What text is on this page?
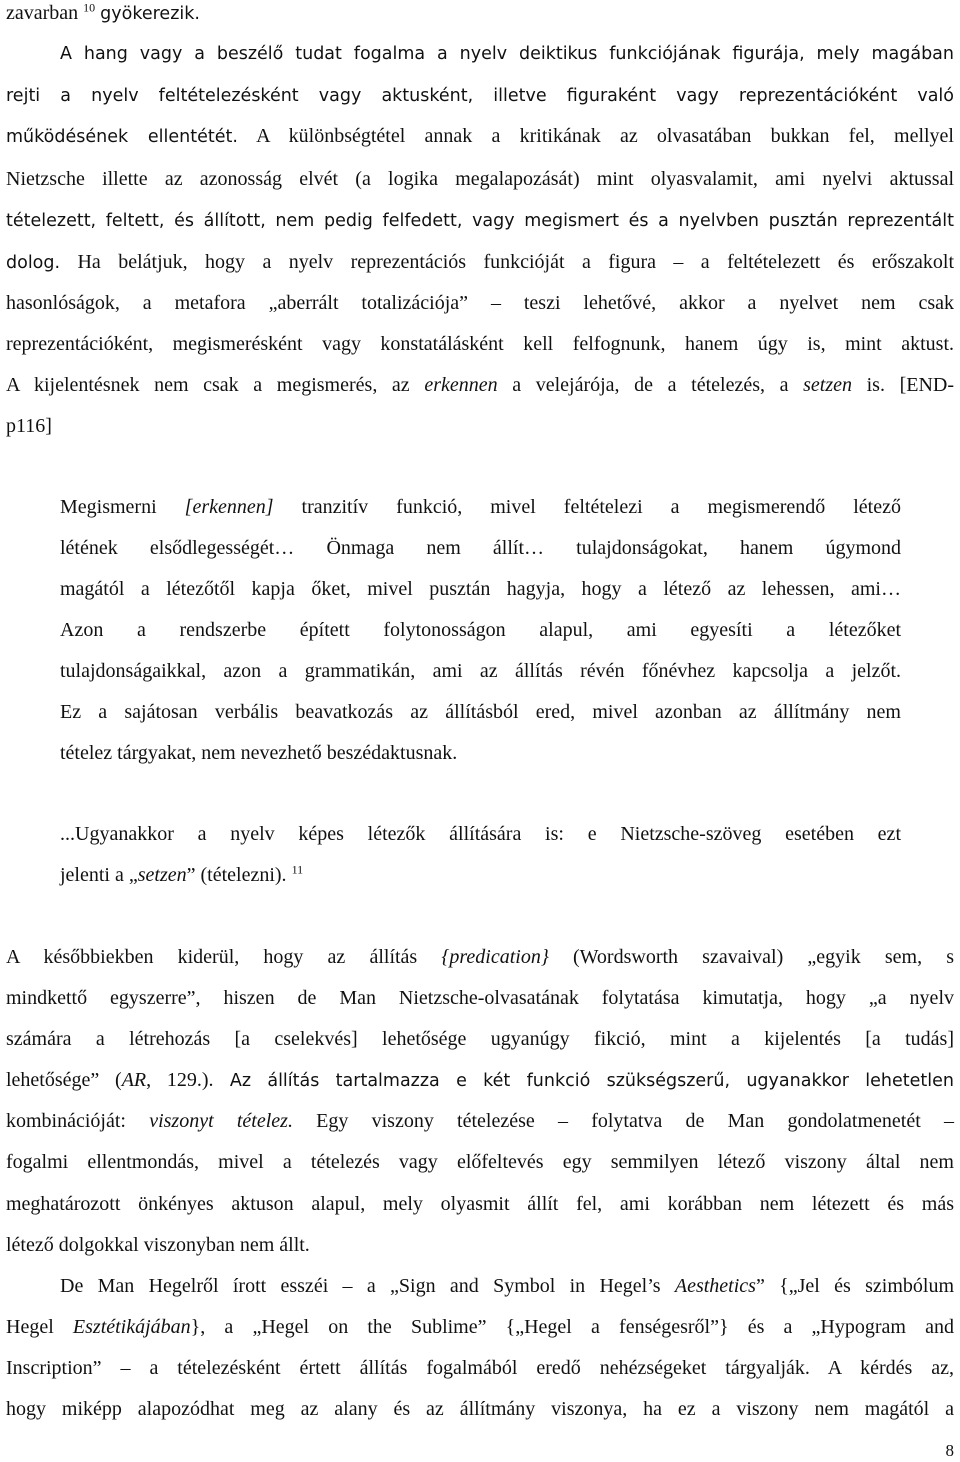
zavarban $^{10}$ gyökerezik.
A hang vagy a beszélő tudat fogalma a nyelv deiktikus funkciójának figurája, mely magában
rejti a nyelv feltételezésként vagy aktusként, illetve figuraként vagy reprezentációként való
működésének ellentétét. A különbségtétel annak a kritikának az olvasatában bukkan fel, mellyel
Nietzsche illette az azonosság elvét (a logika megalapozását) mint olyasvalamit, ami nyelvi aktussal
tételezett, feltett, és állított, nem pedig felfedett, vagy megismert és a nyelvben pusztán reprezentált
dolog. Ha belátjuk, hogy a nyelv reprezentációs funkcióját a figura – a feltételezett és erőszakolt
hasonlóságok, a metafora „aberrált totalizációja” – teszi lehetővé, akkor a nyelvet nem csak
reprezentációként, megismerésként vagy konstatálásként kell felfognunk, hanem úgy is, mint aktust.
A kijelentésnek nem csak a megismerés, az erkennen a velejárója, de a tételezés, a setzen is. [END-
p116]
Megismerni [erkennen] tranzitív funkció, mivel feltételezi a megismerendő létező
létének elsődlegességét… Önmaga nem állít… tulajdonságokat, hanem úgymond
magától a létezőtől kapja őket, mivel pusztán hagyja, hogy a létező az lehessen, ami…
Azon a rendszerbe épített folytonosságon alapul, ami egyesíti a létezőket
tulajdonságaikkal, azon a grammatikán, ami az állítás révén főnévhez kapcsolja a jelzőt.
Ez a sajátosan verbális beavatkozás az állításból ered, mivel azonban az állítmány nem
tételez tárgyakat, nem nevezhető beszédaktusnak.
...Ugyanakkor a nyelv képes létezők állítására is: e Nietzsche-szöveg esetében ezt
jelenti a „setzen” (tételezni). $^{11}$
A későbbiekben kiderül, hogy az állítás {predication} (Wordsworth szavaival) „egyik sem, s
mindkettő egyszerre”, hiszen de Man Nietzsche-olvasatának folytatása kimutatja, hogy „a nyelv
számára a létrehozás [a cselekvés] lehetősége ugyanúgy fikció, mint a kijelentés [a tudás]
lehetősége” (AR, 129.). Az állítás tartalmazza e két funkció szükségszerű, ugyanakkor lehetetlen
kombinációját: viszonyt tételez. Egy viszony tételezése – folytatva de Man gondolatmenetét –
fogalmi ellentmondás, mivel a tételezés vagy előfeltevés egy semmilyen létező viszony által nem
meghatározott önkényes aktuson alapul, mely olyasmit állít fel, ami korábban nem létezett és más
létező dolgokkal viszonyban nem állt.
De Man Hegelről írott esszéi – a „Sign and Symbol in Hegel’s Aesthetics” {„Jel és szimbólum
Hegel Esztétikájában}, a „Hegel on the Sublime” {„Hegel a fenségesről”} és a „Hypogram and
Inscription” – a tételezésként értett állítás fogalmából eredő nehézségeket tárgyalják. A kérdés az,
hogy miképp alapozódhat meg az alany és az állítmány viszonya, ha ez a viszony nem magától a
8
